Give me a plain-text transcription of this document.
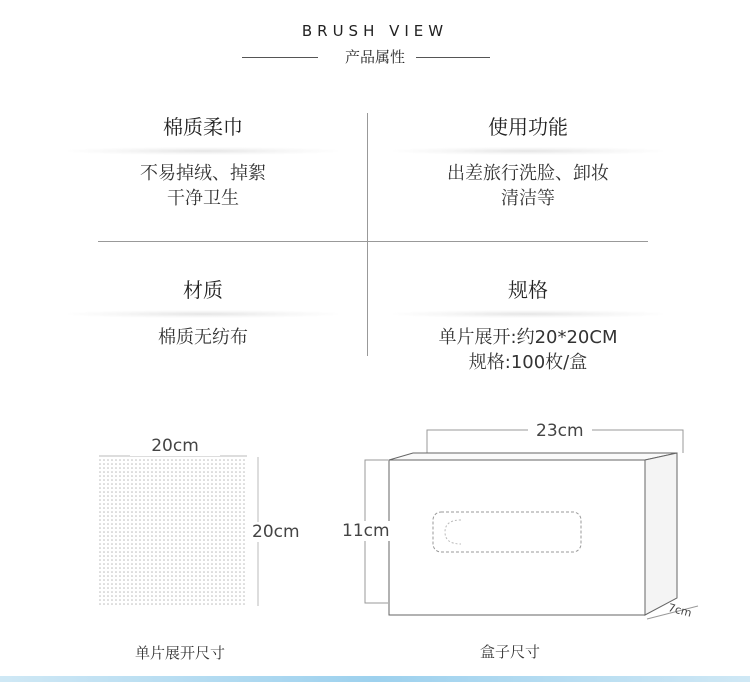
BRUSH VIEW
产品属性
棉质柔巾
不易掉绒、掉絮
干净卫生
使用功能
出差旅行洗脸、卸妆
清洁等
材质
棉质无纺布
规格
单片展开:约20*20CM
规格:100枚/盒
20cm
20cm
单片展开尺寸
23cm
11cm
7cm
盒子尺寸
